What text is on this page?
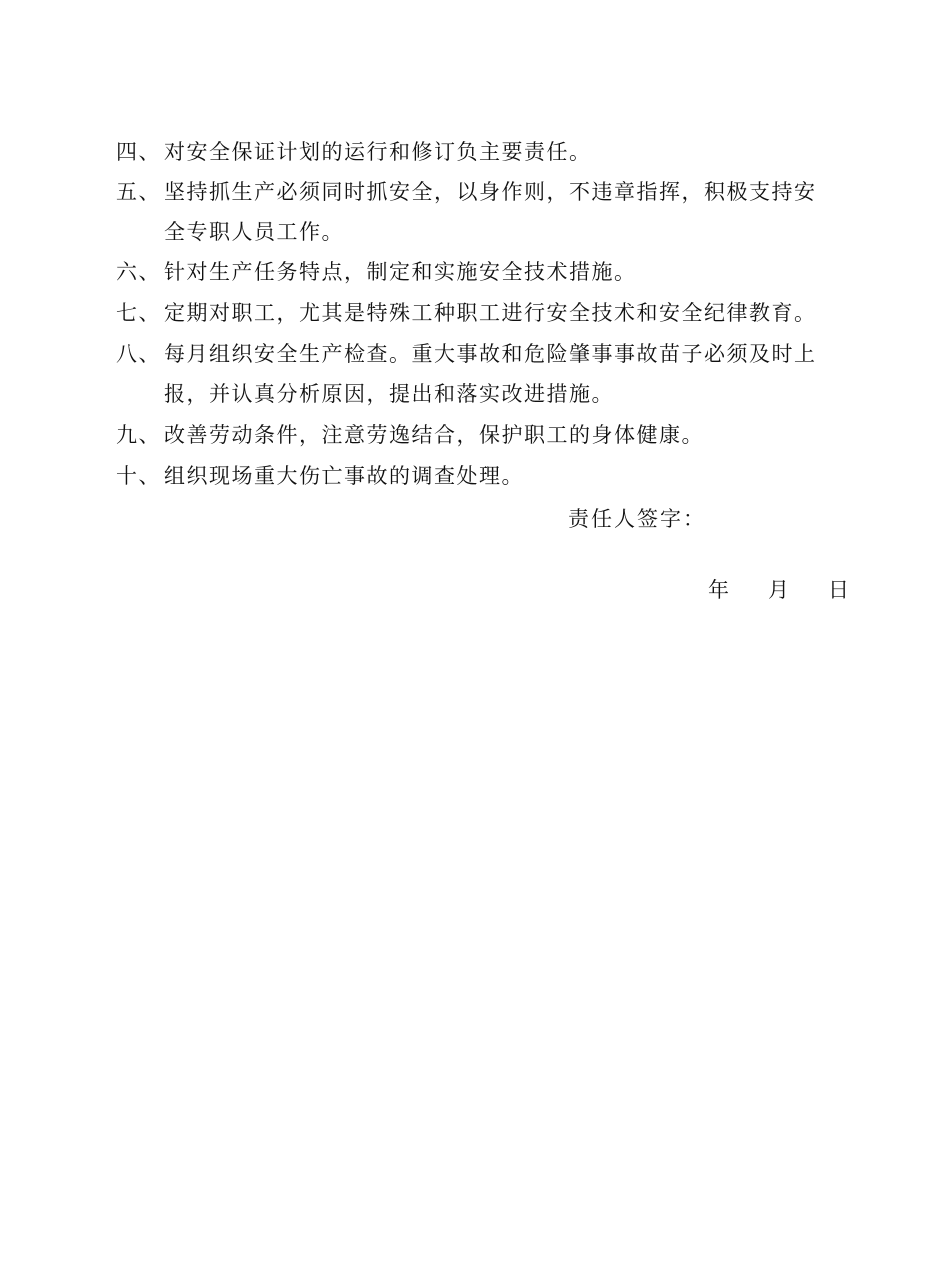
四、 对安全保证计划的运行和修订负主要责任。
五、 坚持抓生产必须同时抓安全，以身作则，不违章指挥，积极支持安
全专职人员工作。
六、 针对生产任务特点，制定和实施安全技术措施。
七、 定期对职工，尤其是特殊工种职工进行安全技术和安全纪律教育。
八、 每月组织安全生产检查。重大事故和危险肇事事故苗子必须及时上
报，并认真分析原因，提出和落实改进措施。
九、 改善劳动条件，注意劳逸结合，保护职工的身体健康。
十、 组织现场重大伤亡事故的调查处理。
责任人签字：
年 月 日
